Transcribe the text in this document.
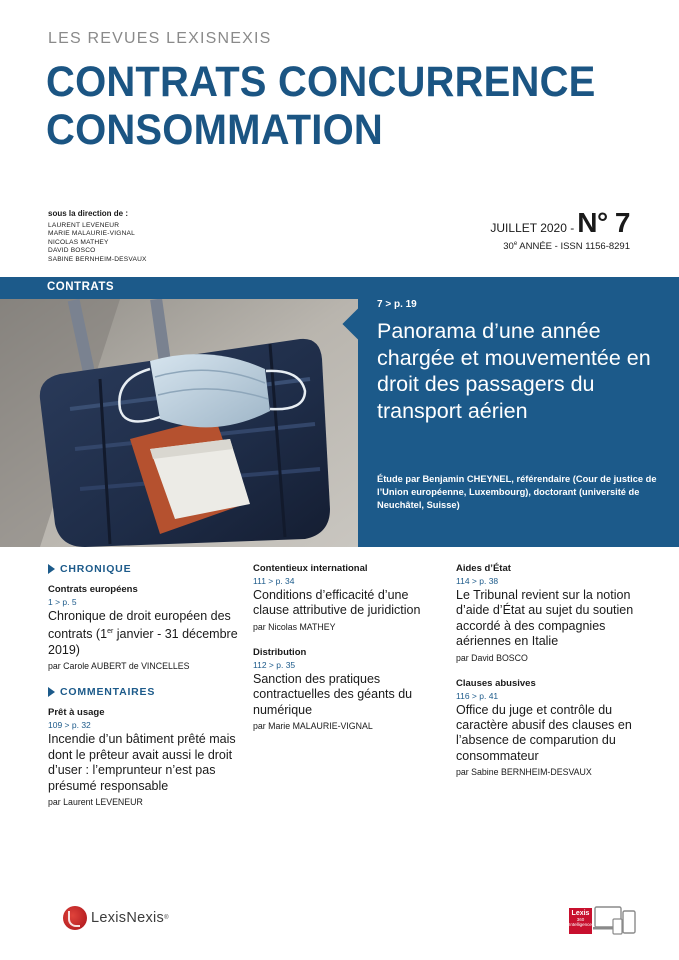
LES REVUES LEXISNEXIS
CONTRATS CONCURRENCE
CONSOMMATION
sous la direction de :
LAURENT LEVENEUR
MARIE MALAURIE-VIGNAL
NICOLAS MATHEY
DAVID BOSCO
SABINE BERNHEIM-DESVAUX
JUILLET 2020 - N° 7
30e ANNÉE - ISSN 1156-8291
CONTRATS
7 > p. 19
Panorama d’une année chargée et mouvementée en droit des passagers du transport aérien
Étude par Benjamin CHEYNEL, référendaire (Cour de justice de l’Union européenne, Luxembourg), doctorant (université de Neuchâtel, Suisse)
CHRONIQUE
Contrats européens
1 > p. 5
Chronique de droit européen des contrats (1er janvier - 31 décembre 2019)
par Carole AUBERT de VINCELLES
COMMENTAIRES
Prêt à usage
109 > p. 32
Incendie d’un bâtiment prêté mais dont le prêteur avait aussi le droit d’user : l’emprunteur n’est pas présumé responsable
par Laurent LEVENEUR
Contentieux international
111 > p. 34
Conditions d’efficacité d’une clause attributive de juridiction
par Nicolas MATHEY
Distribution
112 > p. 35
Sanction des pratiques contractuelles des géants du numérique
par Marie MALAURIE-VIGNAL
Aides d’État
114 > p. 38
Le Tribunal revient sur la notion d’aide d’État au sujet du soutien accordé à des compagnies aériennes en Italie
par David BOSCO
Clauses abusives
116 > p. 41
Office du juge et contrôle du caractère abusif des clauses en l’absence de comparution du consommateur
par Sabine BERNHEIM-DESVAUX
LexisNexis ®
Lexis
360 Intelligence
